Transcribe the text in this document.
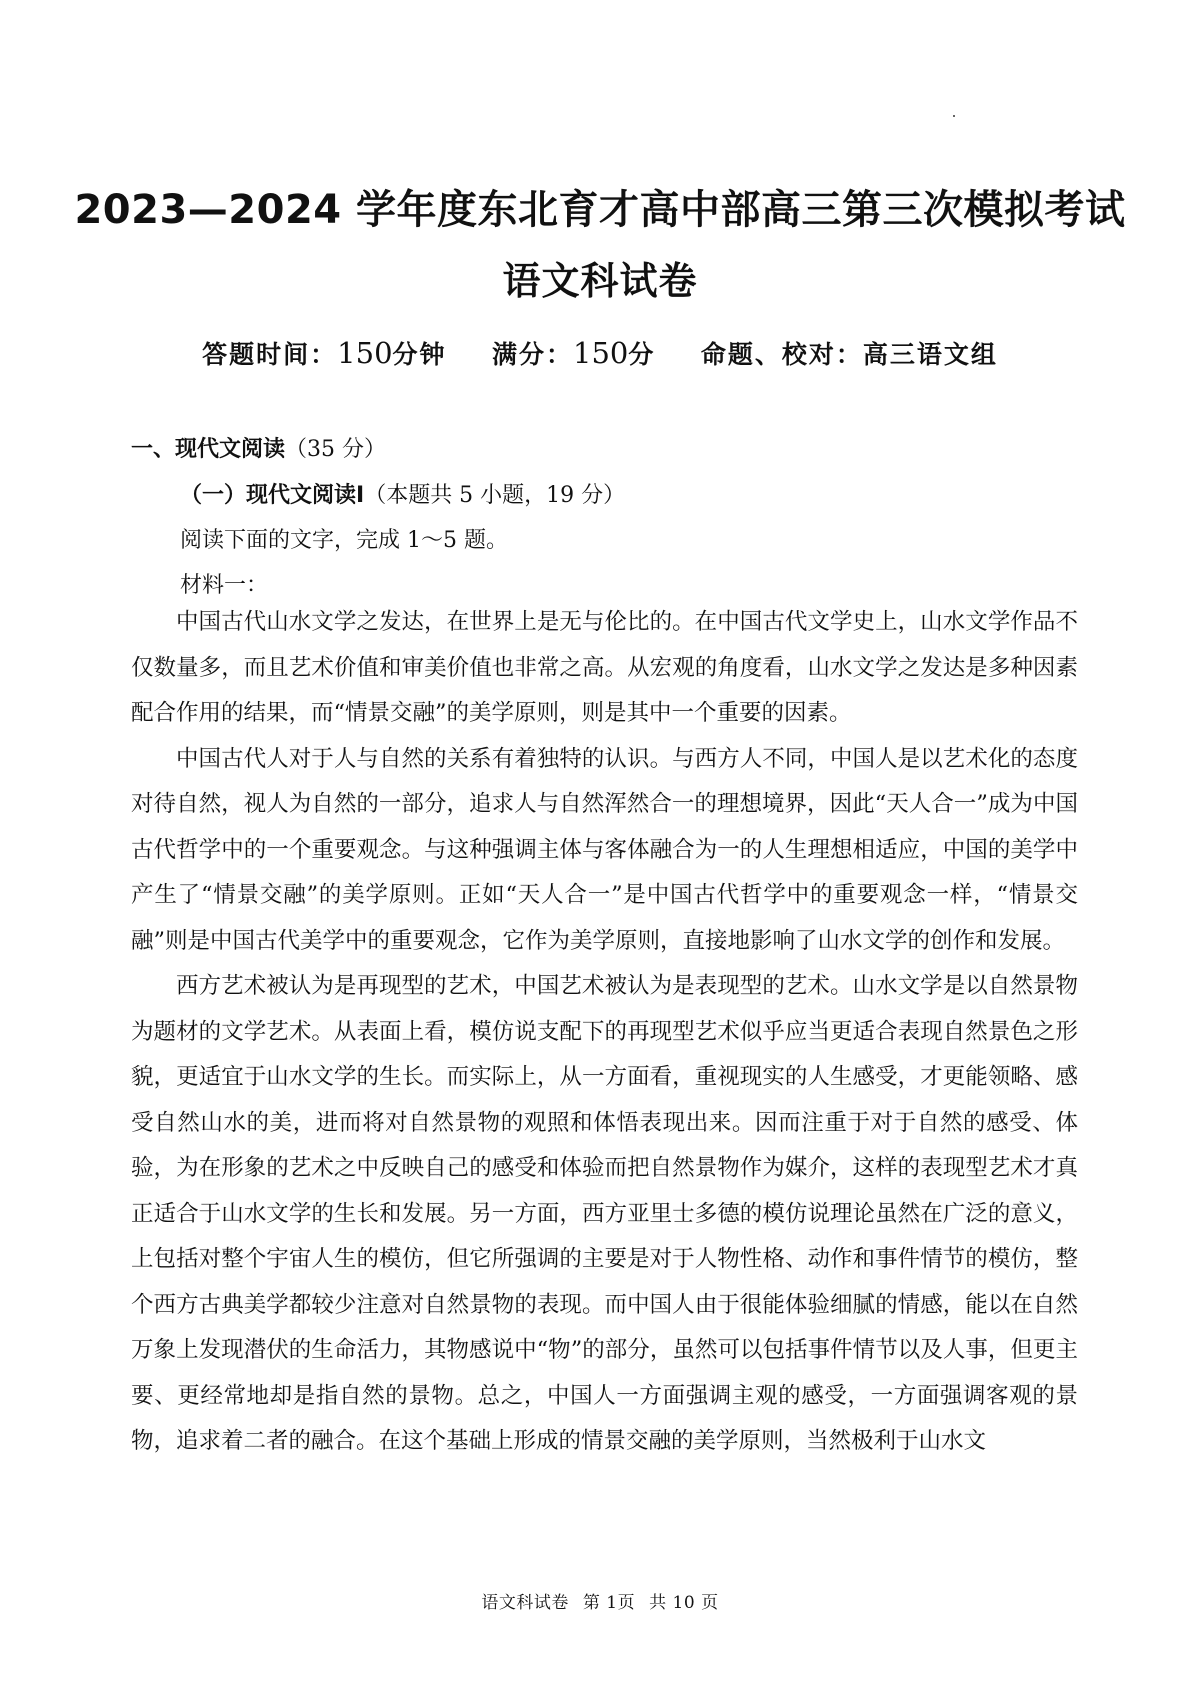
2023—2024 学年度东北育才高中部高三第三次模拟考试
语文科试卷
答题时间：150分钟 满分：150分 命题、校对：高三语文组
一、现代文阅读（35 分）
（一）现代文阅读Ⅰ（本题共 5 小题，19 分）
阅读下面的文字，完成 1～5 题。
材料一：

中国古代山水文学之发达，在世界上是无与伦比的。在中国古代文学史上，山水文学作品不仅数量多，而且艺术价值和审美价值也非常之高。从宏观的角度看，山水文学之发达是多种因素配合作用的结果，而“情景交融”的美学原则，则是其中一个重要的因素。

中国古代人对于人与自然的关系有着独特的认识。与西方人不同，中国人是以艺术化的态度对待自然，视人为自然的一部分，追求人与自然浑然合一的理想境界，因此“天人合一”成为中国古代哲学中的一个重要观念。与这种强调主体与客体融合为一的人生理想相适应，中国的美学中产生了“情景交融”的美学原则。正如“天人合一”是中国古代哲学中的重要观念一样，“情景交融”则是中国古代美学中的重要观念，它作为美学原则，直接地影响了山水文学的创作和发展。

西方艺术被认为是再现型的艺术，中国艺术被认为是表现型的艺术。山水文学是以自然景物为题材的文学艺术。从表面上看，模仿说支配下的再现型艺术似乎应当更适合表现自然景色之形貌，更适宜于山水文学的生长。而实际上，从一方面看，重视现实的人生感受，才更能领略、感受自然山水的美，进而将对自然景物的观照和体悟表现出来。因而注重于对于自然的感受、体验，为在形象的艺术之中反映自己的感受和体验而把自然景物作为媒介，这样的表现型艺术才真正适合于山水文学的生长和发展。另一方面，西方亚里士多德的模仿说理论虽然在广泛的意义，上包括对整个宇宙人生的模仿，但它所强调的主要是对于人物性格、动作和事件情节的模仿，整个西方古典美学都较少注意对自然景物的表现。而中国人由于很能体验细腻的情感，能以在自然万象上发现潜伏的生命活力，其物感说中“物”的部分，虽然可以包括事件情节以及人事，但更主要、更经常地却是指自然的景物。总之，中国人一方面强调主观的感受，一方面强调客观的景物，追求着二者的融合。在这个基础上形成的情景交融的美学原则，当然极利于山水文

语文科试卷 第 1页 共 10 页
